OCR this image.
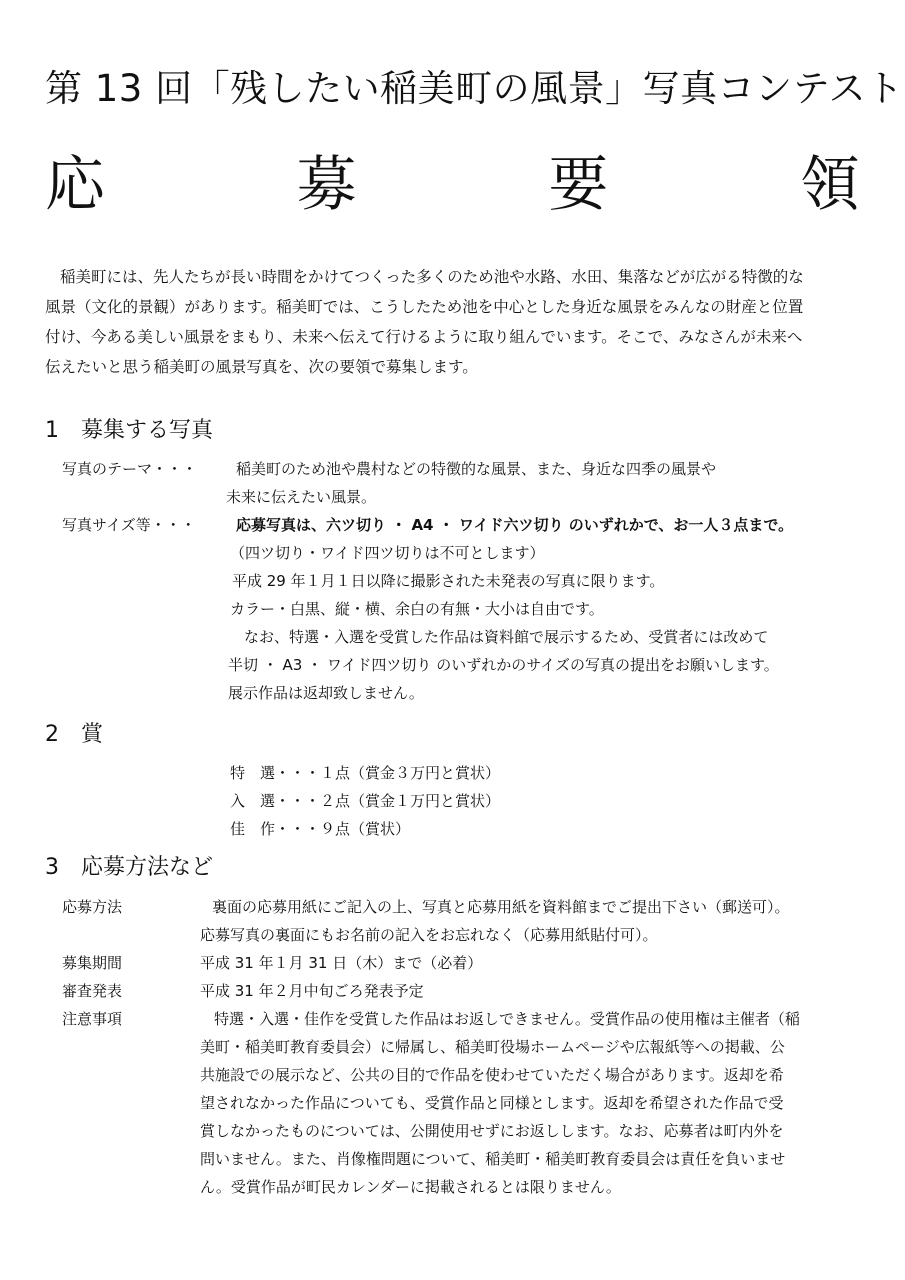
第 13 回「残したい稲美町の風景」写真コンテスト
応	募	要	領
稲美町には、先人たちが長い時間をかけてつくった多くのため池や水路、水田、集落などが広がる特徴的な
風景（文化的景観）があります。稲美町では、こうしたため池を中心とした身近な風景をみんなの財産と位置
付け、今ある美しい風景をまもり、未来へ伝えて行けるように取り組んでいます。そこで、みなさんが未来へ
伝えたいと思う稲美町の風景写真を、次の要領で募集します。
1　募集する写真
写真のテーマ・・・	稲美町のため池や農村などの特徴的な風景、また、身近な四季の風景や
未来に伝えたい風景。
写真サイズ等・・・	応募写真は、六ツ切り ・ A4 ・ ワイド六ツ切り のいずれかで、お一人３点まで。
（四ツ切り・ワイド四ツ切りは不可とします）
平成 29 年１月１日以降に撮影された未発表の写真に限ります。
カラー・白黒、縦・横、余白の有無・大小は自由です。
なお、特選・入選を受賞した作品は資料館で展示するため、受賞者には改めて
半切 ・ A3 ・ ワイド四ツ切り のいずれかのサイズの写真の提出をお願いします。
展示作品は返却致しません。
2　賞
特　選・・・１点（賞金３万円と賞状）
入　選・・・２点（賞金１万円と賞状）
佳　作・・・９点（賞状）
3　応募方法など
応募方法	裏面の応募用紙にご記入の上、写真と応募用紙を資料館までご提出下さい（郵送可）。
応募写真の裏面にもお名前の記入をお忘れなく（応募用紙貼付可）。
募集期間	平成 31 年１月 31 日（木）まで（必着）
審査発表	平成 31 年２月中旬ごろ発表予定
注意事項	特選・入選・佳作を受賞した作品はお返しできません。受賞作品の使用権は主催者（稲
美町・稲美町教育委員会）に帰属し、稲美町役場ホームページや広報紙等への掲載、公
共施設での展示など、公共の目的で作品を使わせていただく場合があります。返却を希
望されなかった作品についても、受賞作品と同様とします。返却を希望された作品で受
賞しなかったものについては、公開使用せずにお返しします。なお、応募者は町内外を
問いません。また、肖像権問題について、稲美町・稲美町教育委員会は責任を負いませ
ん。受賞作品が町民カレンダーに掲載されるとは限りません。
